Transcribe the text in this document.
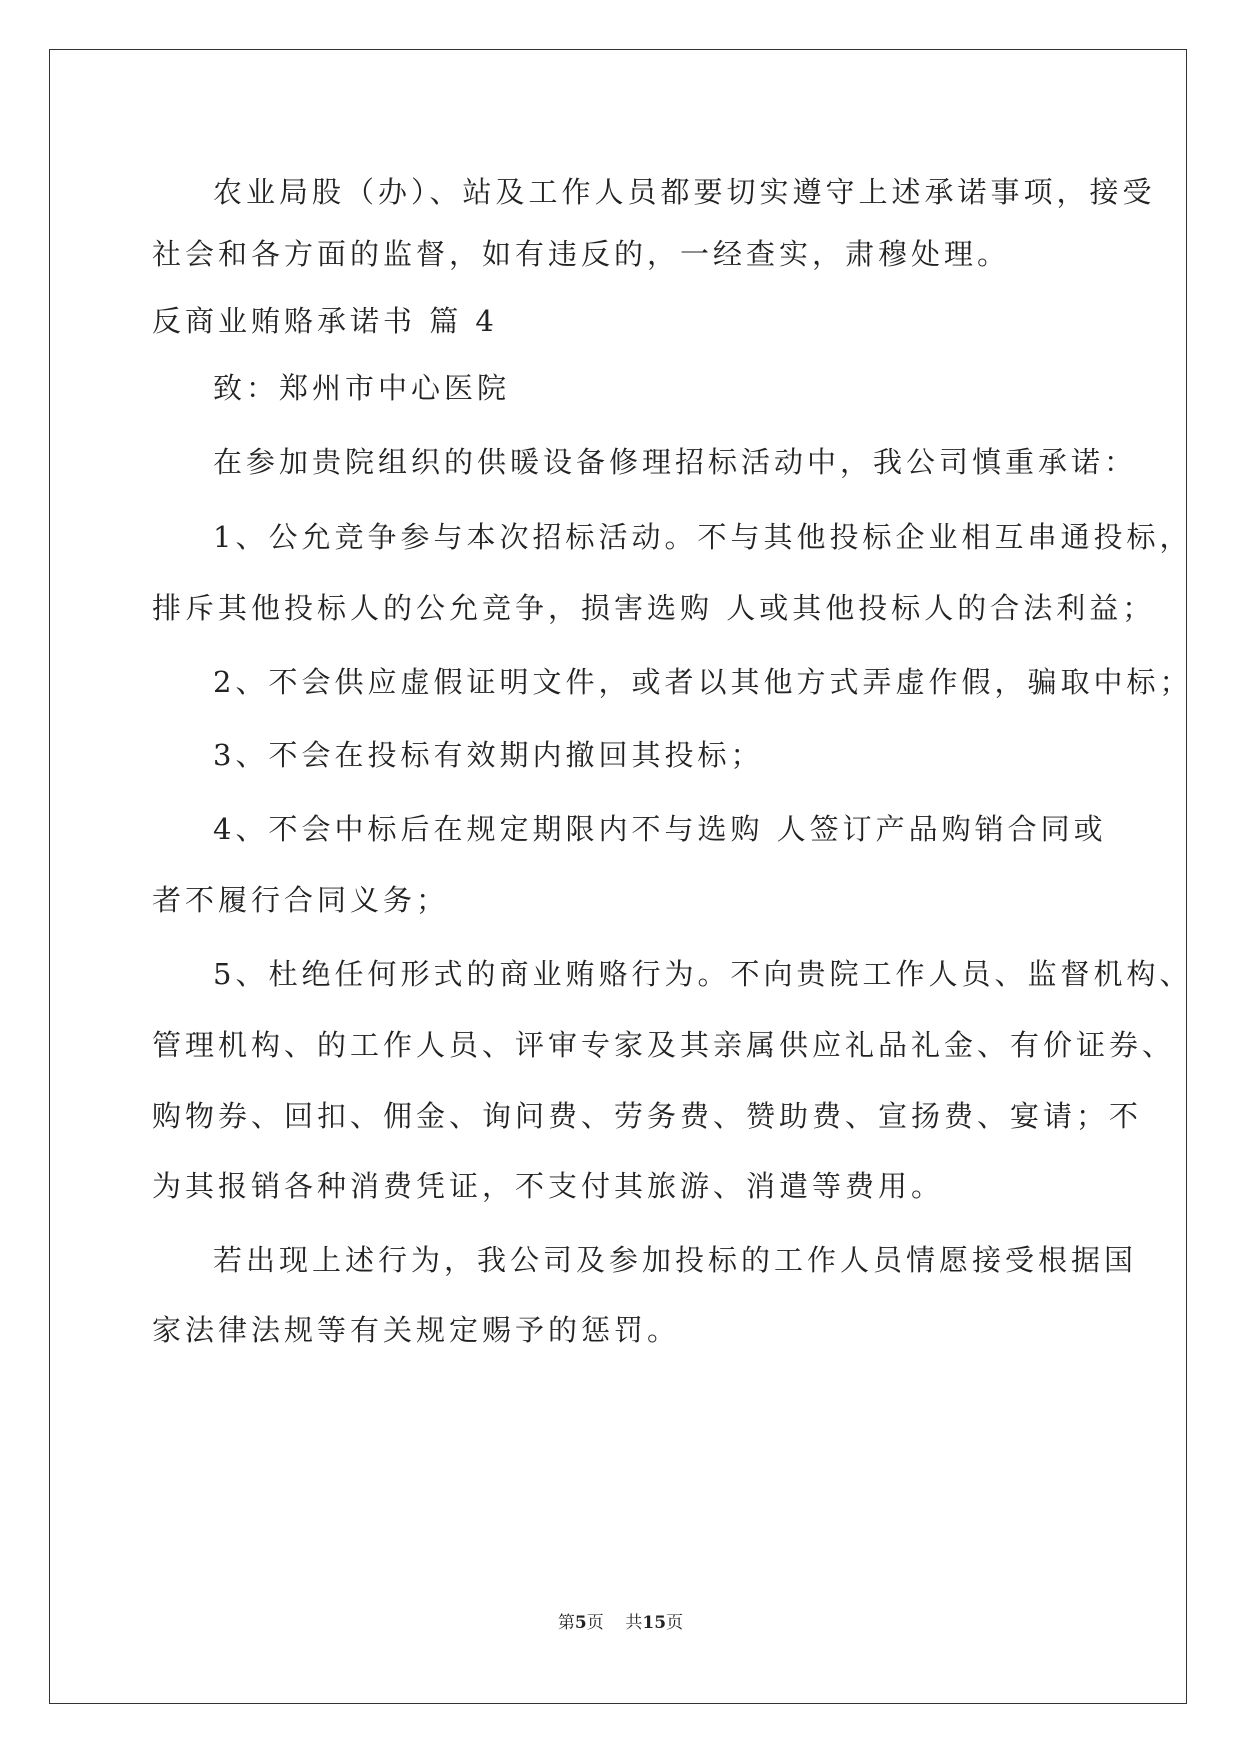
农业局股（办）、站及工作人员都要切实遵守上述承诺事项，接受
社会和各方面的监督，如有违反的，一经查实，肃穆处理。
反商业贿赂承诺书 篇 4
致：郑州市中心医院
在参加贵院组织的供暖设备修理招标活动中，我公司慎重承诺：
1、公允竞争参与本次招标活动。不与其他投标企业相互串通投标，
排斥其他投标人的公允竞争，损害选购 人或其他投标人的合法利益；
2、不会供应虚假证明文件，或者以其他方式弄虚作假，骗取中标；
3、不会在投标有效期内撤回其投标；
4、不会中标后在规定期限内不与选购 人签订产品购销合同或
者不履行合同义务；
5、杜绝任何形式的商业贿赂行为。不向贵院工作人员、监督机构、
管理机构、的工作人员、评审专家及其亲属供应礼品礼金、有价证券、
购物券、回扣、佣金、询问费、劳务费、赞助费、宣扬费、宴请；不
为其报销各种消费凭证，不支付其旅游、消遣等费用。
若出现上述行为，我公司及参加投标的工作人员情愿接受根据国
家法律法规等有关规定赐予的惩罚。
第5页 共15页
